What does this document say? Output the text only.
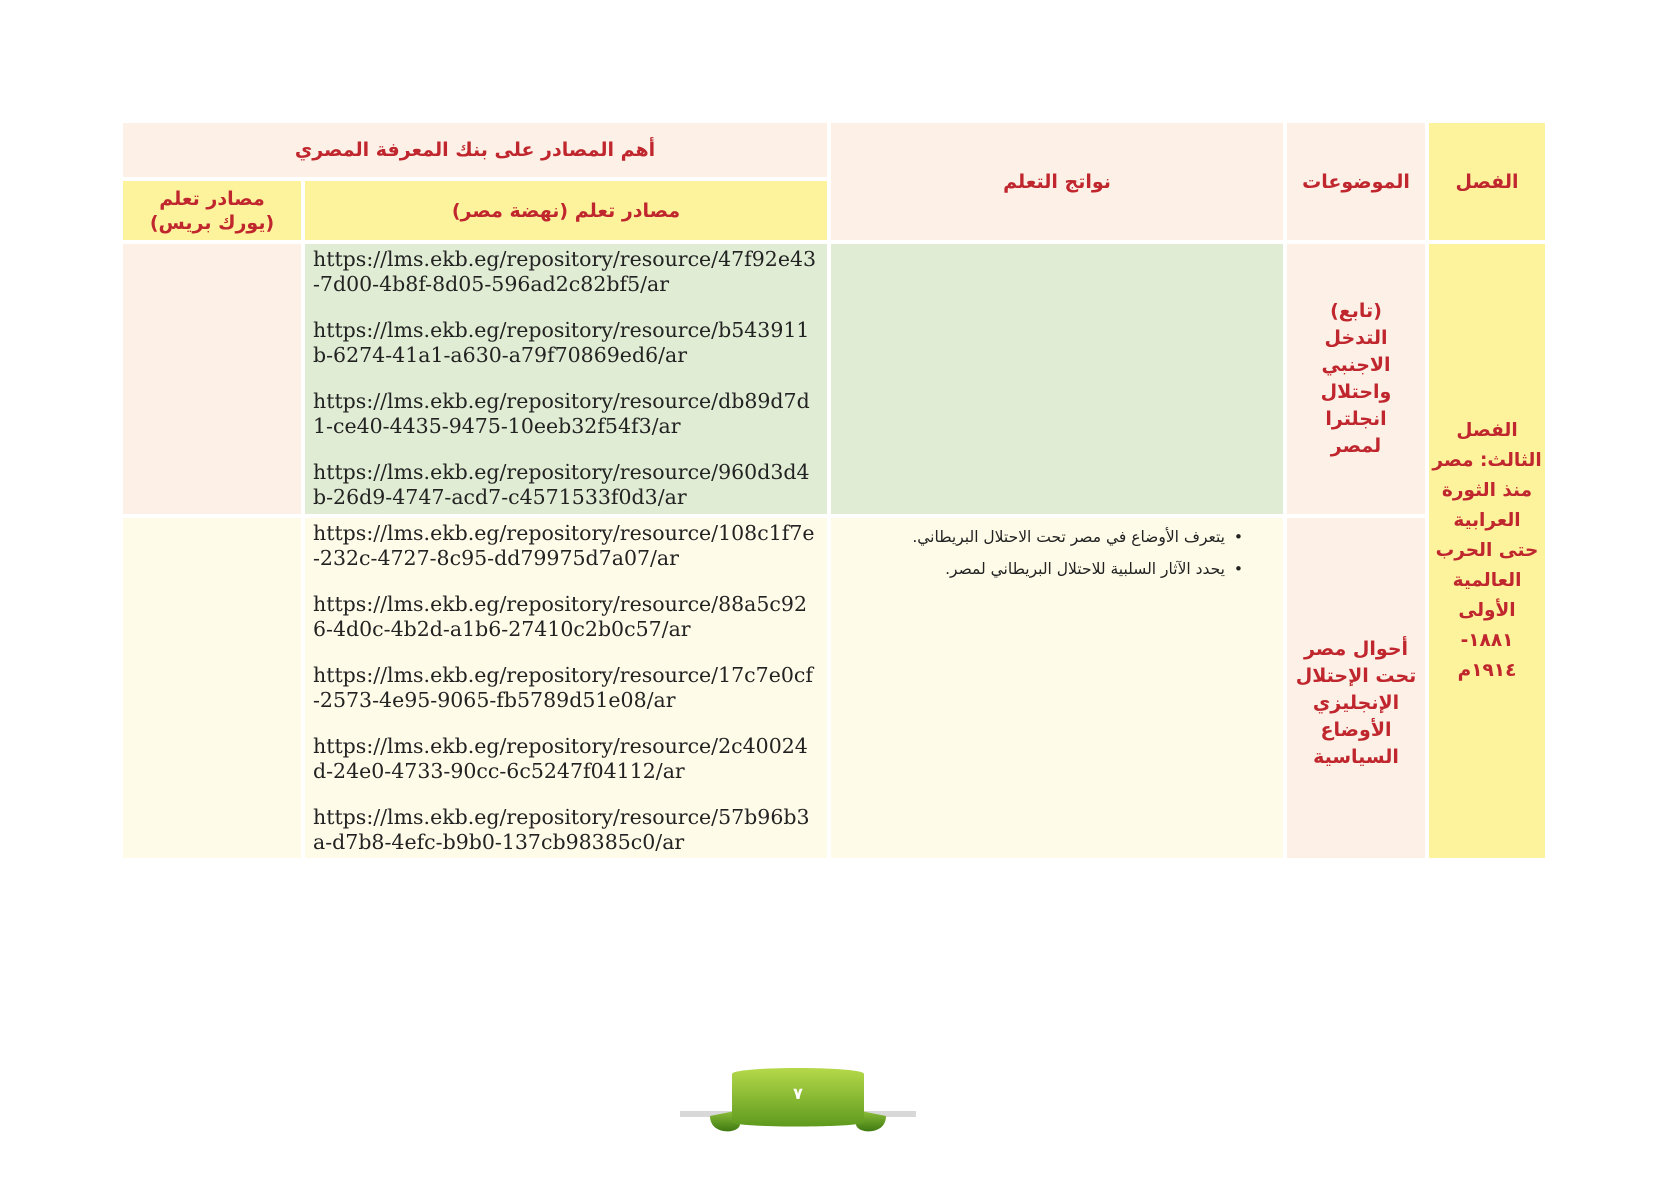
أهم المصادر على بنك المعرفة المصري
نواتج التعلم	الموضوعات الفصل
مصادر تعلم (نهضة مصر)
مصادر تعلم (يورك بريس)
الفصل
الثالث: مصر
منذ الثورة
العرابية
حتى الحرب
العالمية
الأولى
١٨٨١-
١٩١٤م
(تابع)
التدخل الاجنبي
واحتلال انجلترا
لمصر
https://lms.ekb.eg/repository/resource/47f92e43-7d00-4b8f-8d05-596ad2c82bf5/ar
https://lms.ekb.eg/repository/resource/b543911b-6274-41a1-a630-a79f70869ed6/ar
https://lms.ekb.eg/repository/resource/db89d7d1-ce40-4435-9475-10eeb32f54f3/ar
https://lms.ekb.eg/repository/resource/960d3d4b-26d9-4747-acd7-c4571533f0d3/ar
أحوال مصر
تحت الإحتلال
الإنجليزي
الأوضاع
السياسية
• يتعرف الأوضاع في مصر تحت الاحتلال البريطاني.
• يحدد الآثار السلبية للاحتلال البريطاني لمصر.
https://lms.ekb.eg/repository/resource/108c1f7e-232c-4727-8c95-dd79975d7a07/ar
https://lms.ekb.eg/repository/resource/88a5c926-4d0c-4b2d-a1b6-27410c2b0c57/ar
https://lms.ekb.eg/repository/resource/17c7e0cf-2573-4e95-9065-fb5789d51e08/ar
https://lms.ekb.eg/repository/resource/2c40024d-24e0-4733-90cc-6c5247f04112/ar
https://lms.ekb.eg/repository/resource/57b96b3a-d7b8-4efc-b9b0-137cb98385c0/ar
٧
